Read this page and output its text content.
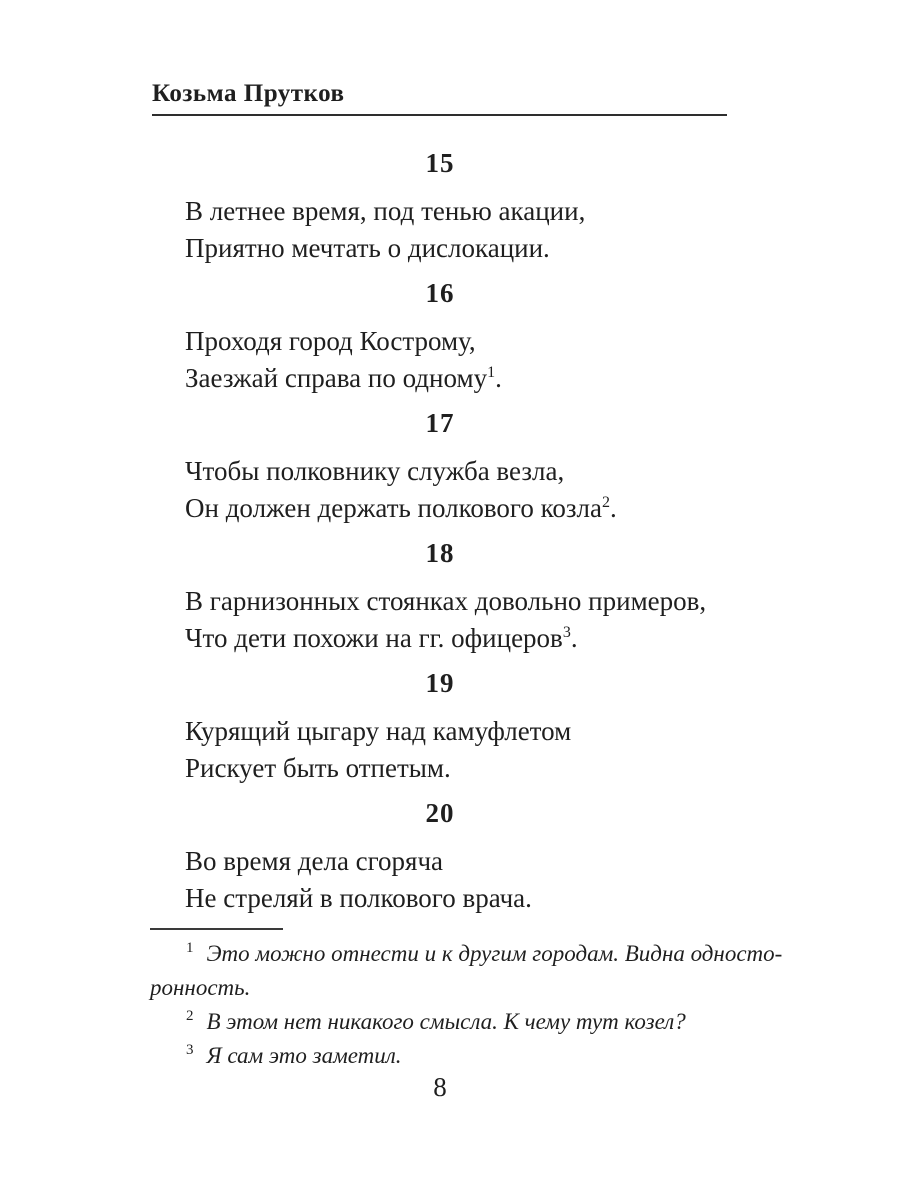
Козьма Прутков
15
В летнее время, под тенью акации,
Приятно мечтать о дислокации.
16
Проходя город Кострому,
Заезжай справа по одному$^1$.
17
Чтобы полковнику служба везла,
Он должен держать полкового козла$^2$.
18
В гарнизонных стоянках довольно примеров,
Что дети похожи на гг. офицеров$^3$.
19
Курящий цыгару над камуфлетом
Рискует быть отпетым.
20
Во время дела сгоряча
Не стреляй в полкового врача.

$^1$ Это можно отнести и к другим городам. Видна односто-
ронность.

$^2$ В этом нет никакого смысла. К чему тут козел?

$^3$ Я сам это заметил.

8
